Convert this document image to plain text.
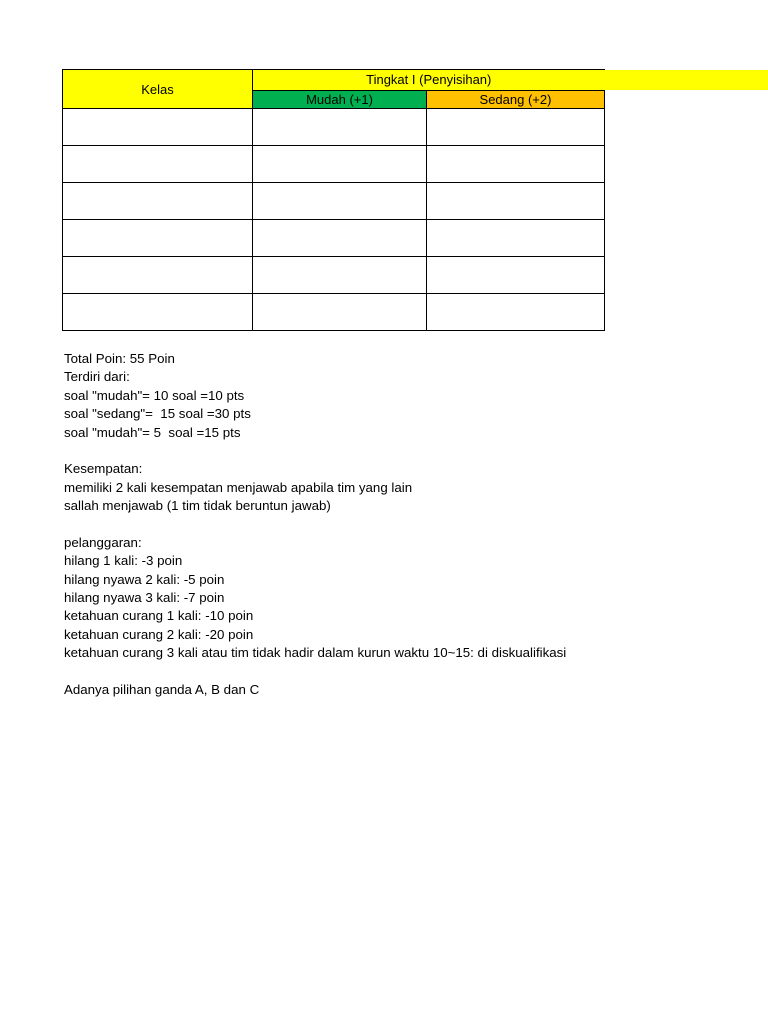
Kelas	Tingkat I (Penyisihan)	
	Mudah (+1)	Sedang (+2)

Total Poin: 55 Poin
Terdiri dari:
soal "mudah"= 10 soal =10 pts
soal "sedang"=  15 soal =30 pts
soal "mudah"= 5  soal =15 pts
Kesempatan:
memiliki 2 kali kesempatan menjawab apabila tim yang lain
sallah menjawab (1 tim tidak beruntun jawab)
pelanggaran:
hilang 1 kali: -3 poin
hilang nyawa 2 kali: -5 poin
hilang nyawa 3 kali: -7 poin
ketahuan curang 1 kali: -10 poin
ketahuan curang 2 kali: -20 poin
ketahuan curang 3 kali atau tim tidak hadir dalam kurun waktu 10~15: di diskualifikasi
Adanya pilihan ganda A, B dan C
